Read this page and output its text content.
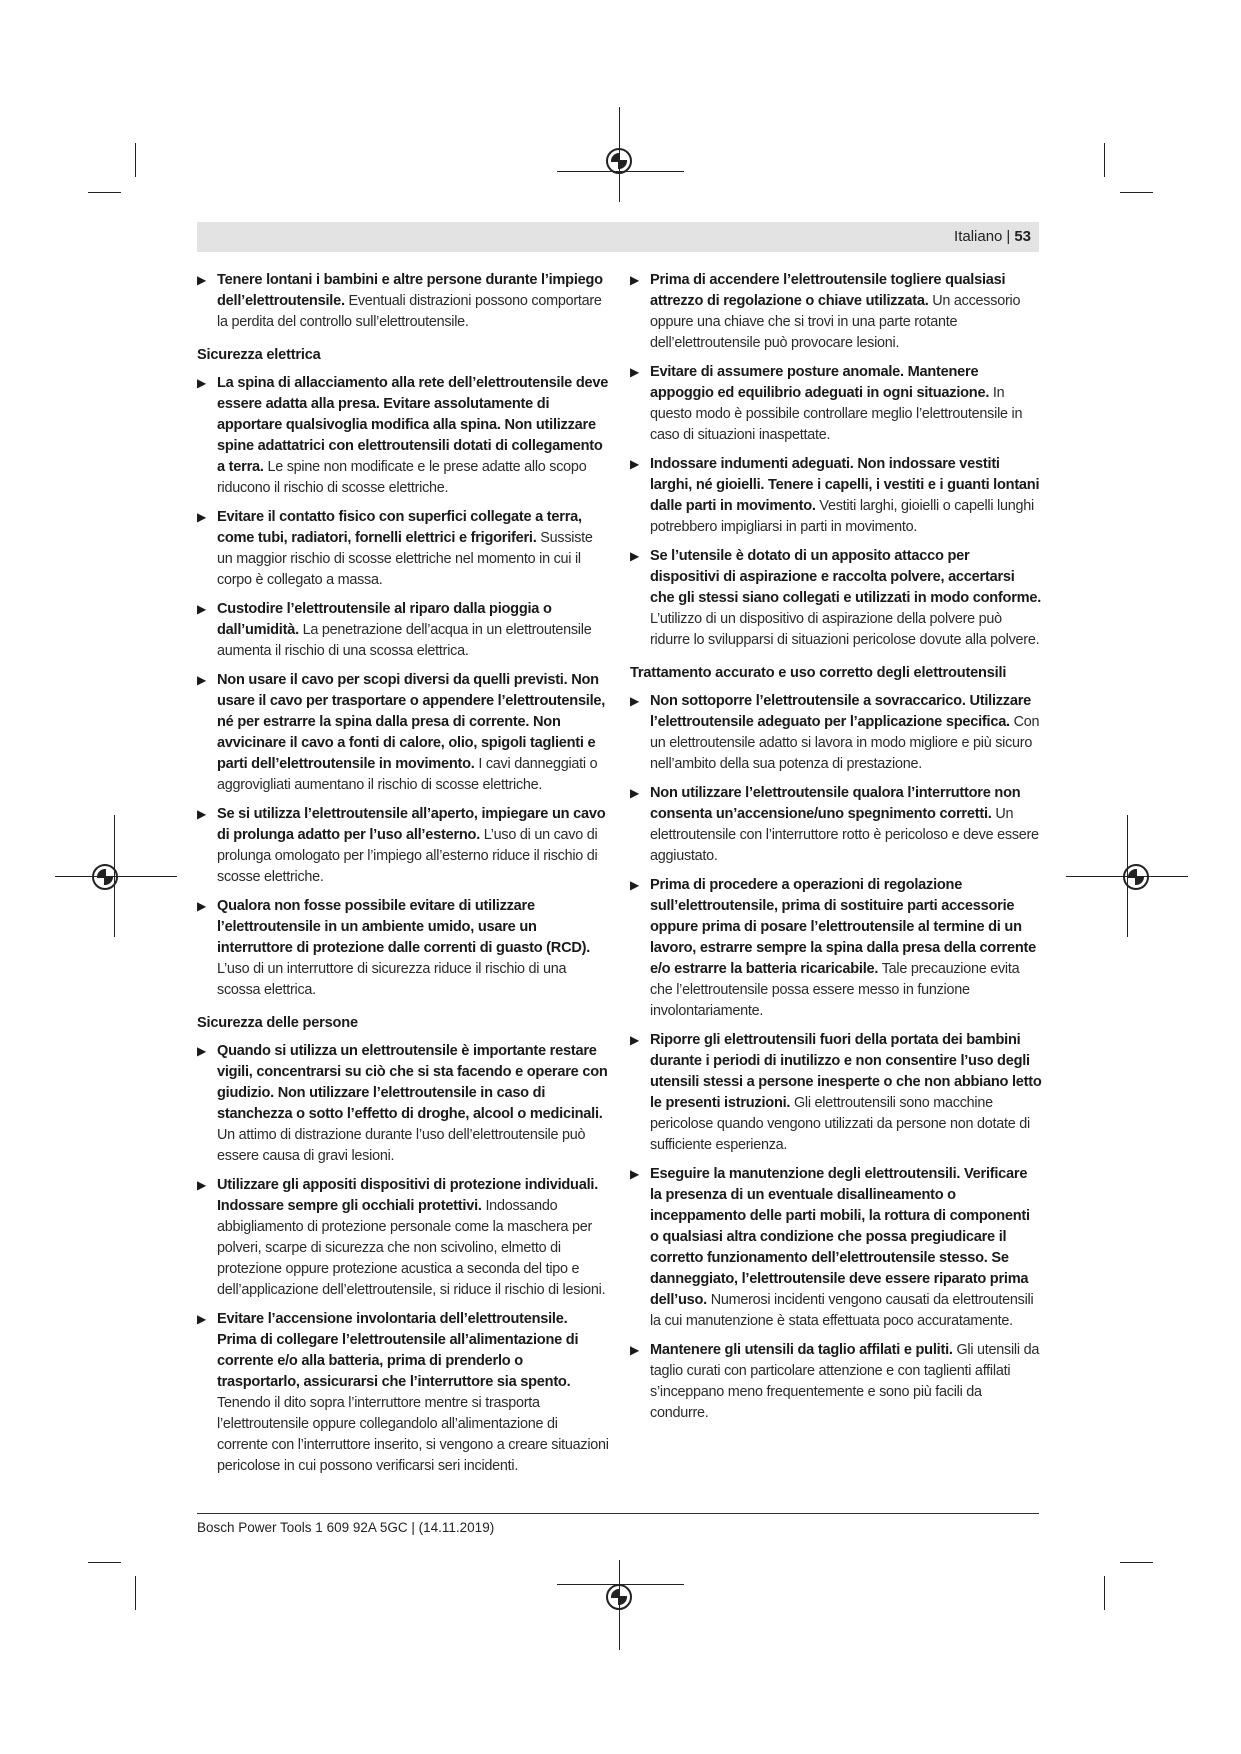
Italiano | 53
▶ Tenere lontani i bambini e altre persone durante l’impiego dell’elettroutensile. Eventuali distrazioni possono comportare la perdita del controllo sull’elettroutensile.
Sicurezza elettrica
▶ La spina di allacciamento alla rete dell’elettroutensile deve essere adatta alla presa. Evitare assolutamente di apportare qualsivoglia modifica alla spina. Non utilizzare spine adattatrici con elettroutensili dotati di collegamento a terra. Le spine non modificate e le prese adatte allo scopo riducono il rischio di scosse elettriche.
▶ Evitare il contatto fisico con superfici collegate a terra, come tubi, radiatori, fornelli elettrici e frigoriferi. Sussiste un maggior rischio di scosse elettriche nel momento in cui il corpo è collegato a massa.
▶ Custodire l’elettroutensile al riparo dalla pioggia o dall’umidità. La penetrazione dell’acqua in un elettroutensile aumenta il rischio di una scossa elettrica.
▶ Non usare il cavo per scopi diversi da quelli previsti. Non usare il cavo per trasportare o appendere l’elettroutensile, né per estrarre la spina dalla presa di corrente. Non avvicinare il cavo a fonti di calore, olio, spigoli taglienti e parti dell’elettroutensile in movimento. I cavi danneggiati o aggrovigliati aumentano il rischio di scosse elettriche.
▶ Se si utilizza l’elettroutensile all’aperto, impiegare un cavo di prolunga adatto per l’uso all’esterno. L’uso di un cavo di prolunga omologato per l’impiego all’esterno riduce il rischio di scosse elettriche.
▶ Qualora non fosse possibile evitare di utilizzare l’elettroutensile in un ambiente umido, usare un interruttore di protezione dalle correnti di guasto (RCD). L’uso di un interruttore di sicurezza riduce il rischio di una scossa elettrica.
Sicurezza delle persone
▶ Quando si utilizza un elettroutensile è importante restare vigili, concentrarsi su ciò che si sta facendo e operare con giudizio. Non utilizzare l’elettroutensile in caso di stanchezza o sotto l’effetto di droghe, alcool o medicinali. Un attimo di distrazione durante l’uso dell’elettroutensile può essere causa di gravi lesioni.
▶ Utilizzare gli appositi dispositivi di protezione individuali. Indossare sempre gli occhiali protettivi. Indossando abbigliamento di protezione personale come la maschera per polveri, scarpe di sicurezza che non scivolino, elmetto di protezione oppure protezione acustica a seconda del tipo e dell’applicazione dell’elettroutensile, si riduce il rischio di lesioni.
▶ Evitare l’accensione involontaria dell’elettroutensile. Prima di collegare l’elettroutensile all’alimentazione di corrente e/o alla batteria, prima di prenderlo o trasportarlo, assicurarsi che l’interruttore sia spento. Tenendo il dito sopra l’interruttore mentre si trasporta l’elettroutensile oppure collegandolo all’alimentazione di corrente con l’interruttore inserito, si vengono a creare situazioni pericolose in cui possono verificarsi seri incidenti.
▶ Prima di accendere l’elettroutensile togliere qualsiasi attrezzo di regolazione o chiave utilizzata. Un accessorio oppure una chiave che si trovi in una parte rotante dell’elettroutensile può provocare lesioni.
▶ Evitare di assumere posture anomale. Mantenere appoggio ed equilibrio adeguati in ogni situazione. In questo modo è possibile controllare meglio l’elettroutensile in caso di situazioni inaspettate.
▶ Indossare indumenti adeguati. Non indossare vestiti larghi, né gioielli. Tenere i capelli, i vestiti e i guanti lontani dalle parti in movimento. Vestiti larghi, gioielli o capelli lunghi potrebbero impigliarsi in parti in movimento.
▶ Se l’utensile è dotato di un apposito attacco per dispositivi di aspirazione e raccolta polvere, accertarsi che gli stessi siano collegati e utilizzati in modo conforme. L’utilizzo di un dispositivo di aspirazione della polvere può ridurre lo svilupparsi di situazioni pericolose dovute alla polvere.
Trattamento accurato e uso corretto degli elettroutensili
▶ Non sottoporre l’elettroutensile a sovraccarico. Utilizzare l’elettroutensile adeguato per l’applicazione specifica. Con un elettroutensile adatto si lavora in modo migliore e più sicuro nell’ambito della sua potenza di prestazione.
▶ Non utilizzare l’elettroutensile qualora l’interruttore non consenta un’accensione/uno spegnimento corretti. Un elettroutensile con l’interruttore rotto è pericoloso e deve essere aggiustato.
▶ Prima di procedere a operazioni di regolazione sull’elettroutensile, prima di sostituire parti accessorie oppure prima di posare l’elettroutensile al termine di un lavoro, estrarre sempre la spina dalla presa della corrente e/o estrarre la batteria ricaricabile. Tale precauzione evita che l’elettroutensile possa essere messo in funzione involontariamente.
▶ Riporre gli elettroutensili fuori della portata dei bambini durante i periodi di inutilizzo e non consentire l’uso degli utensili stessi a persone inesperte o che non abbiano letto le presenti istruzioni. Gli elettroutensili sono macchine pericolose quando vengono utilizzati da persone non dotate di sufficiente esperienza.
▶ Eseguire la manutenzione degli elettroutensili. Verificare la presenza di un eventuale disallineamento o inceppamento delle parti mobili, la rottura di componenti o qualsiasi altra condizione che possa pregiudicare il corretto funzionamento dell’elettroutensile stesso. Se danneggiato, l’elettroutensile deve essere riparato prima dell’uso. Numerosi incidenti vengono causati da elettroutensili la cui manutenzione è stata effettuata poco accuratamente.
▶ Mantenere gli utensili da taglio affilati e puliti. Gli utensili da taglio curati con particolare attenzione e con taglienti affilati s’inceppano meno frequentemente e sono più facili da condurre.
Bosch Power Tools 1 609 92A 5GC | (14.11.2019)
